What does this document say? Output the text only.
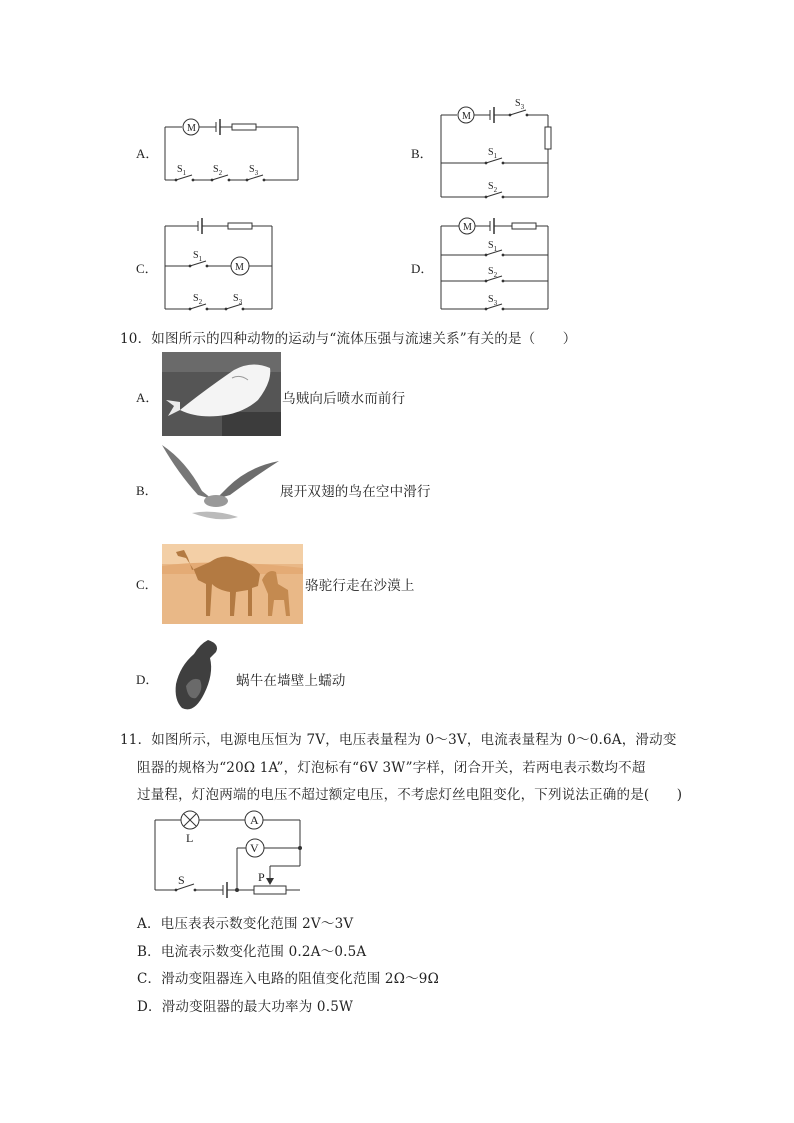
A．
M
$S_1$	$S_2$	$S_3$
B．
M
$S_3$
$S_1$
$S_2$
C．	M
$S_1$
$S_2$	$S_3$
D．
M
$S_1$
$S_2$
$S_3$
10．如图所示的四种动物的运动与“流体压强与流速关系”有关的是（　　）
A．	乌贼向后喷水而前行
B．	展开双翅的鸟在空中滑行
C．	骆驼行走在沙漠上
D．	蜗牛在墙壁上蠕动
11．如图所示，电源电压恒为 7V，电压表量程为 0～3V，电流表量程为 0～0.6A，滑动变
阻器的规格为“20Ω 1A”，灯泡标有“6V 3W”字样，闭合开关，若两电表示数均不超
过量程，灯泡两端的电压不超过额定电压，不考虑灯丝电阻变化，下列说法正确的是(　　)
L
A
V
S	P
A．电压表表示数变化范围 2V～3V
B．电流表示数变化范围 0.2A～0.5A
C．滑动变阻器连入电路的阻值变化范围 2Ω～9Ω
D．滑动变阻器的最大功率为 0.5W
